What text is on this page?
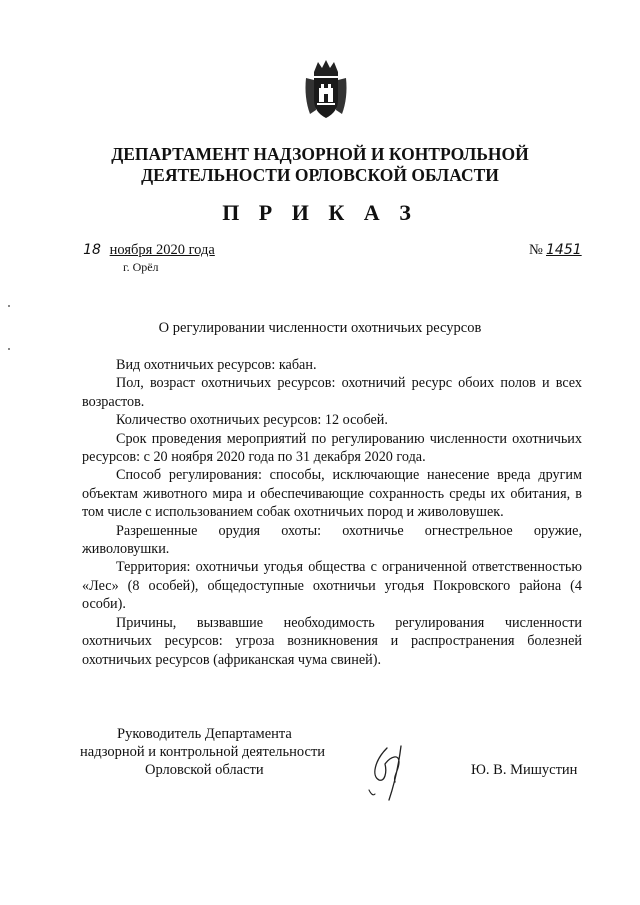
ДЕПАРТАМЕНТ НАДЗОРНОЙ И КОНТРОЛЬНОЙ
ДЕЯТЕЛЬНОСТИ ОРЛОВСКОЙ ОБЛАСТИ
П Р И К А З
18 ноября 2020 года
г. Орёл
№ 1451
О регулировании численности охотничьих ресурсов

Вид охотничьих ресурсов: кабан.

Пол, возраст охотничьих ресурсов: охотничий ресурс обоих полов и всех возрастов.

Количество охотничьих ресурсов: 12 особей.

Срок проведения мероприятий по регулированию численности охотничьих ресурсов: с 20 ноября 2020 года по 31 декабря 2020 года.

Способ регулирования: способы, исключающие нанесение вреда другим объектам животного мира и обеспечивающие сохранность среды их обитания, в том числе с использованием собак охотничьих пород и живоловушек.

Разрешенные орудия охоты: охотничье огнестрельное оружие, живоловушки.

Территория: охотничьи угодья общества с ограниченной ответственностью «Лес» (8 особей), общедоступные охотничьи угодья Покровского района (4 особи).

Причины, вызвавшие необходимость регулирования численности охотничьих ресурсов: угроза возникновения и распространения болезней охотничьих ресурсов (африканская чума свиней).

Руководитель Департамента
надзорной и контрольной деятельности
Орловской области	Ю. В. Мишустин
